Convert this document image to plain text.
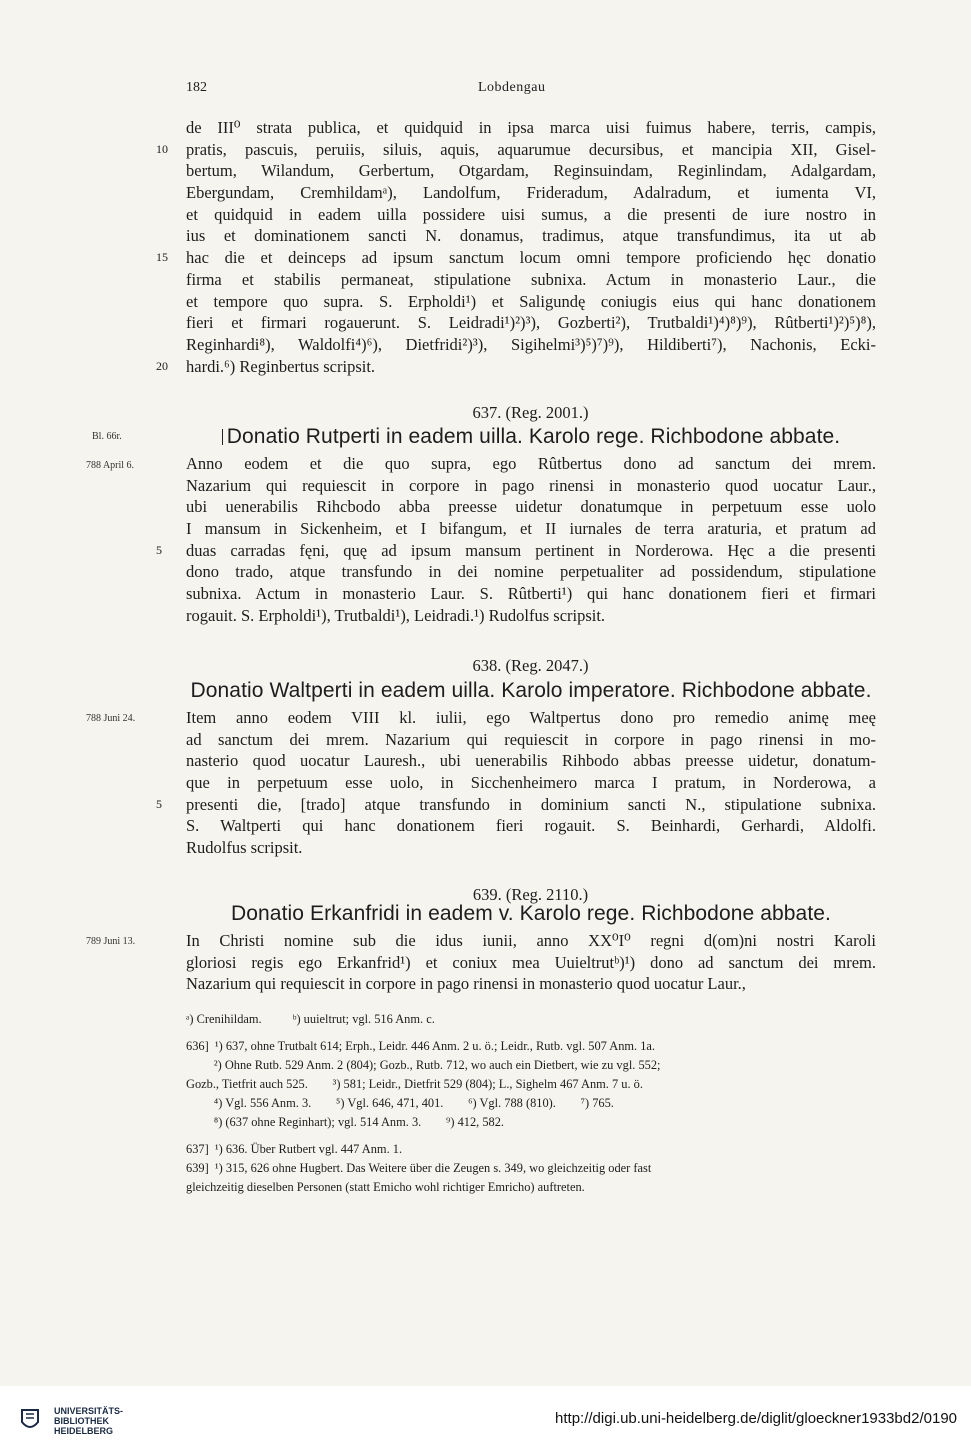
182	Lobdengau
de III⁰ strata publica, et quidquid in ipsa marca uisi fuimus habere, terris, campis,
10	pratis, pascuis, peruiis, siluis, aquis, aquarumue decursibus, et mancipia XII, Gisel-
bertum, Wilandum, Gerbertum, Otgardam, Reginsuindam, Reginlindam, Adalgardam,
Ebergundam, Cremhildamᵃ), Landolfum, Frideradum, Adalradum, et iumenta VI,
et quidquid in eadem uilla possidere uisi sumus, a die presenti de iure nostro in
ius et dominationem sancti N. donamus, tradimus, atque transfundimus, ita ut ab
15	hac die et deinceps ad ipsum sanctum locum omni tempore proficiendo hęc donatio
firma et stabilis permaneat, stipulatione subnixa. Actum in monasterio Laur., die
et tempore quo supra. S. Erpholdi¹) et Saligundę coniugis eius qui hanc donationem
fieri et firmari rogauerunt. S. Leidradi¹)²)³), Gozberti²), Trutbaldi¹)⁴)⁸)⁹), Rûtberti¹)²)⁵)⁸),
Reginhardi⁸), Waldolfi⁴)⁶), Dietfridi²)³), Sigihelmi³)⁵)⁷)⁹), Hildiberti⁷), Nachonis, Ecki-
20	hardi.⁶) Reginbertus scripsit.
637. (Reg. 2001.)
Bl. 66r.	Donatio Rutperti in eadem uilla. Karolo rege. Richbodone abbate.
788 April 6.	Anno eodem et die quo supra, ego Rûtbertus dono ad sanctum dei mrem.
Nazarium qui requiescit in corpore in pago rinensi in monasterio quod uocatur Laur.,
ubi uenerabilis Rihcbodo abba preesse uidetur donatumque in perpetuum esse uolo
I mansum in Sickenheim, et I bifangum, et II iurnales de terra araturia, et pratum ad
5	duas carradas fęni, quę ad ipsum mansum pertinent in Norderowa. Hęc a die presenti
dono trado, atque transfundo in dei nomine perpetualiter ad possidendum, stipulatione
subnixa. Actum in monasterio Laur. S. Rûtberti¹) qui hanc donationem fieri et firmari
rogauit. S. Erpholdi¹), Trutbaldi¹), Leidradi.¹) Rudolfus scripsit.
638. (Reg. 2047.)
Donatio Waltperti in eadem uilla. Karolo imperatore. Richbodone abbate.
788 Juni 24.	Item anno eodem VIII kl. iulii, ego Waltpertus dono pro remedio animę meę
ad sanctum dei mrem. Nazarium qui requiescit in corpore in pago rinensi in mo-
nasterio quod uocatur Lauresh., ubi uenerabilis Rihbodo abbas preesse uidetur, donatum-
que in perpetuum esse uolo, in Sicchenheimero marca I pratum, in Norderowa, a
5	presenti die, [trado] atque transfundo in dominium sancti N., stipulatione subnixa.
S. Waltperti qui hanc donationem fieri rogauit. S. Beinhardi, Gerhardi, Aldolfi.
Rudolfus scripsit.
639. (Reg. 2110.)
Donatio Erkanfridi in eadem v. Karolo rege. Richbodone abbate.
789 Juni 13.	In Christi nomine sub die idus iunii, anno XX⁰I⁰ regni d(om)ni nostri Karoli
gloriosi regis ego Erkanfrid¹) et coniux mea Uuieltrutᵇ)¹) dono ad sanctum dei mrem.
Nazarium qui requiescit in corpore in pago rinensi in monasterio quod uocatur Laur.,
ᵃ) Crenihildam.          ᵇ) uuieltrut; vgl. 516 Anm. c.
636]  ¹) 637, ohne Trutbalt 614; Erph., Leidr. 446 Anm. 2 u. ö.; Leidr., Rutb. vgl. 507 Anm. 1a.
²) Ohne Rutb. 529 Anm. 2 (804); Gozb., Rutb. 712, wo auch ein Dietbert, wie zu vgl. 552;
Gozb., Tietfrit auch 525.        ³) 581; Leidr., Dietfrit 529 (804); L., Sighelm 467 Anm. 7 u. ö.
⁴) Vgl. 556 Anm. 3.        ⁵) Vgl. 646, 471, 401.        ⁶) Vgl. 788 (810).        ⁷) 765.
⁸) (637 ohne Reginhart); vgl. 514 Anm. 3.        ⁹) 412, 582.
637]  ¹) 636. Über Rutbert vgl. 447 Anm. 1.
639]  ¹) 315, 626 ohne Hugbert. Das Weitere über die Zeugen s. 349, wo gleichzeitig oder fast
gleichzeitig dieselben Personen (statt Emicho wohl richtiger Emricho) auftreten.
UNIVERSITÄTS-
BIBLIOTHEK
HEIDELBERG
http://digi.ub.uni-heidelberg.de/diglit/gloeckner1933bd2/0190
